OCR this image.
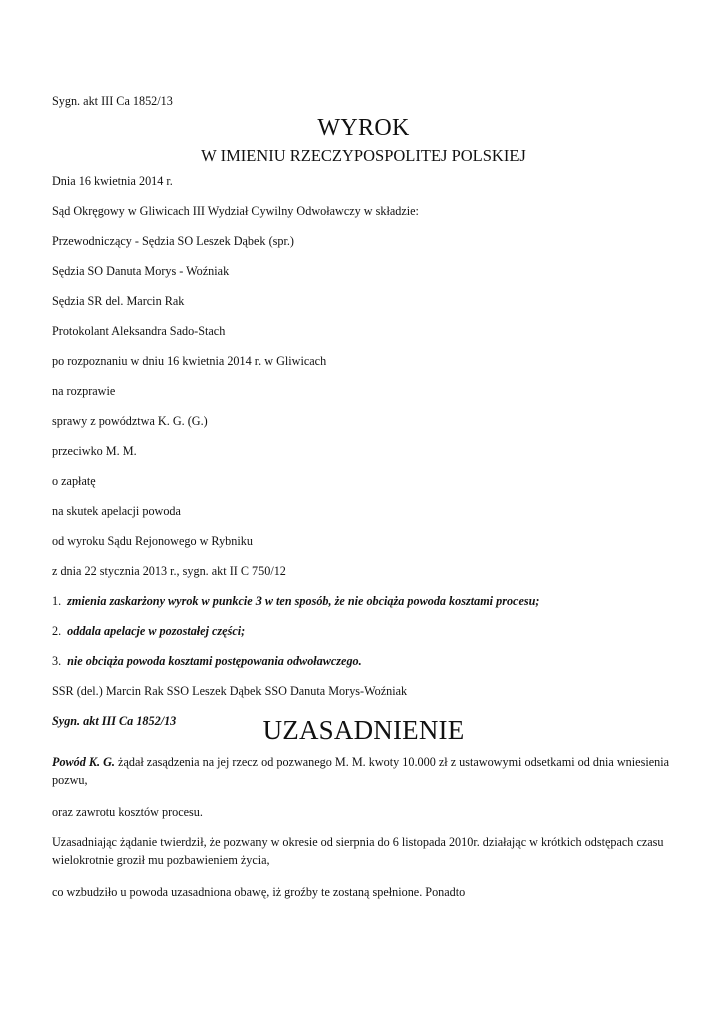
Sygn. akt III Ca 1852/13
WYROK
W IMIENIU RZECZYPOSPOLITEJ POLSKIEJ
Dnia 16 kwietnia 2014 r.
Sąd Okręgowy w Gliwicach III Wydział Cywilny Odwoławczy w składzie:
Przewodniczący - Sędzia SO Leszek Dąbek (spr.)
Sędzia SO Danuta Morys - Woźniak
Sędzia SR del. Marcin Rak
Protokolant Aleksandra Sado-Stach
po rozpoznaniu w dniu 16 kwietnia 2014 r. w Gliwicach
na rozprawie
sprawy z powództwa K. G. (G.)
przeciwko M. M.
o zapłatę
na skutek apelacji powoda
od wyroku Sądu Rejonowego w Rybniku
z dnia 22 stycznia 2013 r., sygn. akt II C 750/12
1. zmienia zaskarżony wyrok w punkcie 3 w ten sposób, że nie obciąża powoda kosztami procesu;
2. oddala apelacje w pozostałej części;
3. nie obciąża powoda kosztami postępowania odwoławczego.
SSR (del.) Marcin Rak SSO Leszek Dąbek SSO Danuta Morys-Woźniak
Sygn. akt III Ca 1852/13	UZASADNIENIE
Powód K. G. żądał zasądzenia na jej rzecz od pozwanego M. M. kwoty 10.000 zł z ustawowymi odsetkami od dnia wniesienia pozwu,
oraz zawrotu kosztów procesu.
Uzasadniając żądanie twierdził, że pozwany w okresie od sierpnia do 6 listopada 2010r. działając w krótkich odstępach czasu wielokrotnie groził mu pozbawieniem życia,
co wzbudziło u powoda uzasadniona obawę, iż groźby te zostaną spełnione. Ponadto
